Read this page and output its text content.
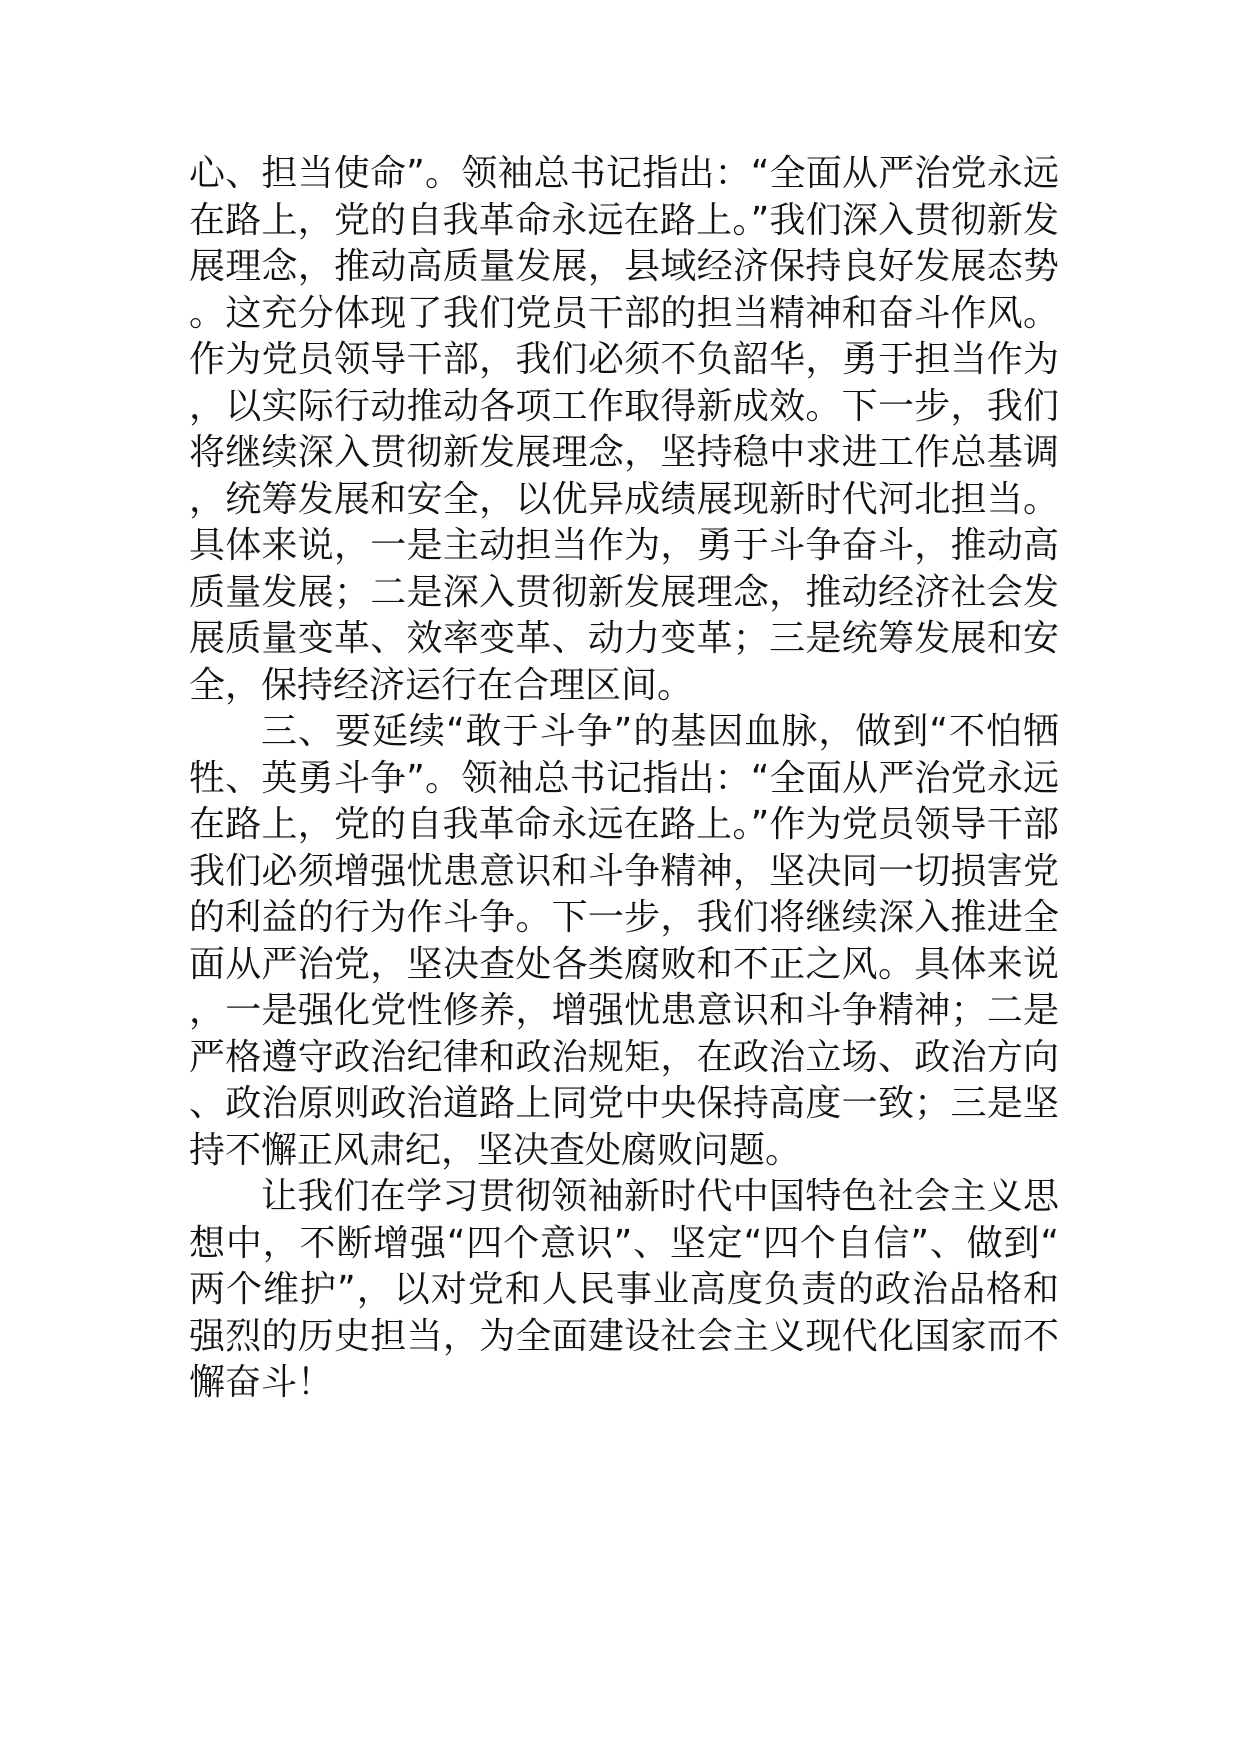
心、担当使命”。领袖总书记指出：“全面从严治党永远在路上，党的自我革命永远在路上。”我们深入贯彻新发展理念，推动高质量发展，县域经济保持良好发展态势。这充分体现了我们党员干部的担当精神和奋斗作风。作为党员领导干部，我们必须不负韶华，勇于担当作为，以实际行动推动各项工作取得新成效。下一步，我们将继续深入贯彻新发展理念，坚持稳中求进工作总基调，统筹发展和安全，以优异成绩展现新时代河北担当。具体来说，一是主动担当作为，勇于斗争奋斗，推动高质量发展；二是深入贯彻新发展理念，推动经济社会发展质量变革、效率变革、动力变革；三是统筹发展和安全，保持经济运行在合理区间。

三、要延续“敢于斗争”的基因血脉，做到“不怕牺牲、英勇斗争”。领袖总书记指出：“全面从严治党永远在路上，党的自我革命永远在路上。”作为党员领导干部我们必须增强忧患意识和斗争精神，坚决同一切损害党的利益的行为作斗争。下一步，我们将继续深入推进全面从严治党，坚决查处各类腐败和不正之风。具体来说，一是强化党性修养，增强忧患意识和斗争精神；二是严格遵守政治纪律和政治规矩，在政治立场、政治方向、政治原则政治道路上同党中央保持高度一致；三是坚持不懈正风肃纪，坚决查处腐败问题。

让我们在学习贯彻领袖新时代中国特色社会主义思想中，不断增强“四个意识”、坚定“四个自信”、做到“两个维护”，以对党和人民事业高度负责的政治品格和强烈的历史担当，为全面建设社会主义现代化国家而不懈奋斗！
